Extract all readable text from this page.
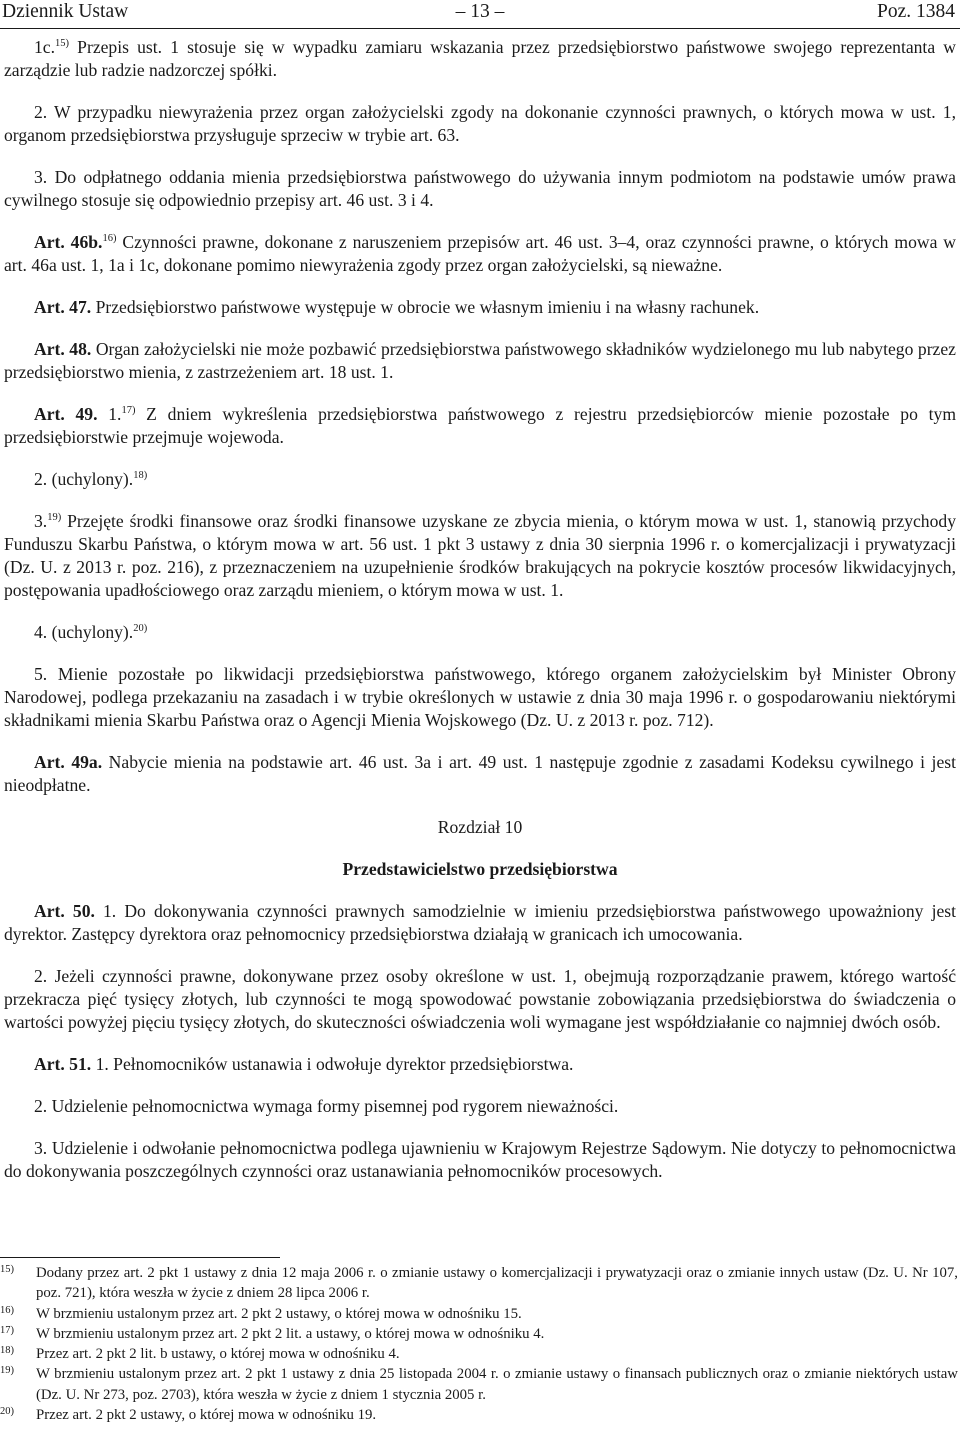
Dziennik Ustaw	– 13 –	Poz. 1384

1c.$^{15)}$ Przepis ust. 1 stosuje się w wypadku zamiaru wskazania przez przedsiębiorstwo państwowe swojego reprezentanta w zarządzie lub radzie nadzorczej spółki.

2. W przypadku niewyrażenia przez organ założycielski zgody na dokonanie czynności prawnych, o których mowa w ust. 1, organom przedsiębiorstwa przysługuje sprzeciw w trybie art. 63.

3. Do odpłatnego oddania mienia przedsiębiorstwa państwowego do używania innym podmiotom na podstawie umów prawa cywilnego stosuje się odpowiednio przepisy art. 46 ust. 3 i 4.

Art. 46b.$^{16)}$ Czynności prawne, dokonane z naruszeniem przepisów art. 46 ust. 3–4, oraz czynności prawne, o których mowa w art. 46a ust. 1, 1a i 1c, dokonane pomimo niewyrażenia zgody przez organ założycielski, są nieważne.

Art. 47. Przedsiębiorstwo państwowe występuje w obrocie we własnym imieniu i na własny rachunek.

Art. 48. Organ założycielski nie może pozbawić przedsiębiorstwa państwowego składników wydzielonego mu lub nabytego przez przedsiębiorstwo mienia, z zastrzeżeniem art. 18 ust. 1.

Art. 49. 1.$^{17)}$ Z dniem wykreślenia przedsiębiorstwa państwowego z rejestru przedsiębiorców mienie pozostałe po tym przedsiębiorstwie przejmuje wojewoda.

2. (uchylony).$^{18)}$

3.$^{19)}$ Przejęte środki finansowe oraz środki finansowe uzyskane ze zbycia mienia, o którym mowa w ust. 1, stanowią przychody Funduszu Skarbu Państwa, o którym mowa w art. 56 ust. 1 pkt 3 ustawy z dnia 30 sierpnia 1996 r. o komercjalizacji i prywatyzacji (Dz. U. z 2013 r. poz. 216), z przeznaczeniem na uzupełnienie środków brakujących na pokrycie kosztów procesów likwidacyjnych, postępowania upadłościowego oraz zarządu mieniem, o którym mowa w ust. 1.

4. (uchylony).$^{20)}$

5. Mienie pozostałe po likwidacji przedsiębiorstwa państwowego, którego organem założycielskim był Minister Obrony Narodowej, podlega przekazaniu na zasadach i w trybie określonych w ustawie z dnia 30 maja 1996 r. o gospodarowaniu niektórymi składnikami mienia Skarbu Państwa oraz o Agencji Mienia Wojskowego (Dz. U. z 2013 r. poz. 712).

Art. 49a. Nabycie mienia na podstawie art. 46 ust. 3a i art. 49 ust. 1 następuje zgodnie z zasadami Kodeksu cywilnego i jest nieodpłatne.

Rozdział 10
Przedstawicielstwo przedsiębiorstwa

Art. 50. 1. Do dokonywania czynności prawnych samodzielnie w imieniu przedsiębiorstwa państwowego upoważniony jest dyrektor. Zastępcy dyrektora oraz pełnomocnicy przedsiębiorstwa działają w granicach ich umocowania.

2. Jeżeli czynności prawne, dokonywane przez osoby określone w ust. 1, obejmują rozporządzanie prawem, którego wartość przekracza pięć tysięcy złotych, lub czynności te mogą spowodować powstanie zobowiązania przedsiębiorstwa do świadczenia o wartości powyżej pięciu tysięcy złotych, do skuteczności oświadczenia woli wymagane jest współdziałanie co najmniej dwóch osób.

Art. 51. 1. Pełnomocników ustanawia i odwołuje dyrektor przedsiębiorstwa.

2. Udzielenie pełnomocnictwa wymaga formy pisemnej pod rygorem nieważności.

3. Udzielenie i odwołanie pełnomocnictwa podlega ujawnieniu w Krajowym Rejestrze Sądowym. Nie dotyczy to pełnomocnictwa do dokonywania poszczególnych czynności oraz ustanawiania pełnomocników procesowych.

15) Dodany przez art. 2 pkt 1 ustawy z dnia 12 maja 2006 r. o zmianie ustawy o komercjalizacji i prywatyzacji oraz o zmianie innych ustaw (Dz. U. Nr 107, poz. 721), która weszła w życie z dniem 28 lipca 2006 r.
16) W brzmieniu ustalonym przez art. 2 pkt 2 ustawy, o której mowa w odnośniku 15.
17) W brzmieniu ustalonym przez art. 2 pkt 2 lit. a ustawy, o której mowa w odnośniku 4.
18) Przez art. 2 pkt 2 lit. b ustawy, o której mowa w odnośniku 4.
19) W brzmieniu ustalonym przez art. 2 pkt 1 ustawy z dnia 25 listopada 2004 r. o zmianie ustawy o finansach publicznych oraz o zmianie niektórych ustaw (Dz. U. Nr 273, poz. 2703), która weszła w życie z dniem 1 stycznia 2005 r.
20) Przez art. 2 pkt 2 ustawy, o której mowa w odnośniku 19.
